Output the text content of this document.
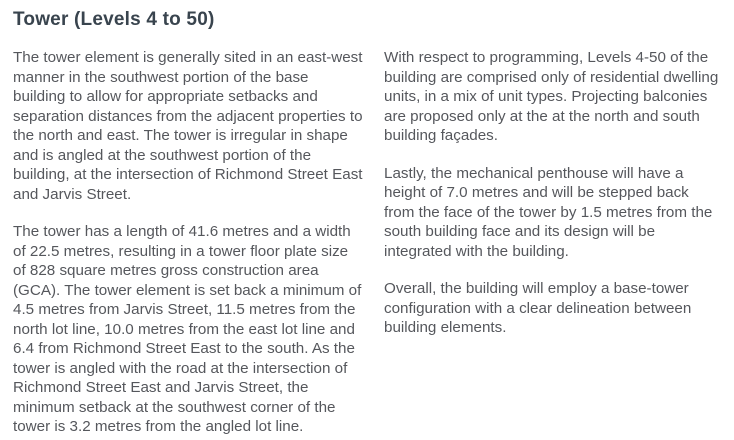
Tower (Levels 4 to 50)

The tower element is generally sited in an east-west manner in the southwest portion of the base building to allow for appropriate setbacks and separation distances from the adjacent properties to the north and east. The tower is irregular in shape and is angled at the southwest portion of the building, at the intersection of Richmond Street East and Jarvis Street.

The tower has a length of 41.6 metres and a width of 22.5 metres, resulting in a tower floor plate size of 828 square metres gross construction area (GCA). The tower element is set back a minimum of 4.5 metres from Jarvis Street, 11.5 metres from the north lot line, 10.0 metres from the east lot line and 6.4 from Richmond Street East to the south. As the tower is angled with the road at the intersection of Richmond Street East and Jarvis Street, the minimum setback at the southwest corner of the tower is 3.2 metres from the angled lot line.

With respect to programming, Levels 4-50 of the building are comprised only of residential dwelling units, in a mix of unit types. Projecting balconies are proposed only at the at the north and south building façades.

Lastly, the mechanical penthouse will have a height of 7.0 metres and will be stepped back from the face of the tower by 1.5 metres from the south building face and its design will be integrated with the building.

Overall, the building will employ a base-tower configuration with a clear delineation between building elements.
